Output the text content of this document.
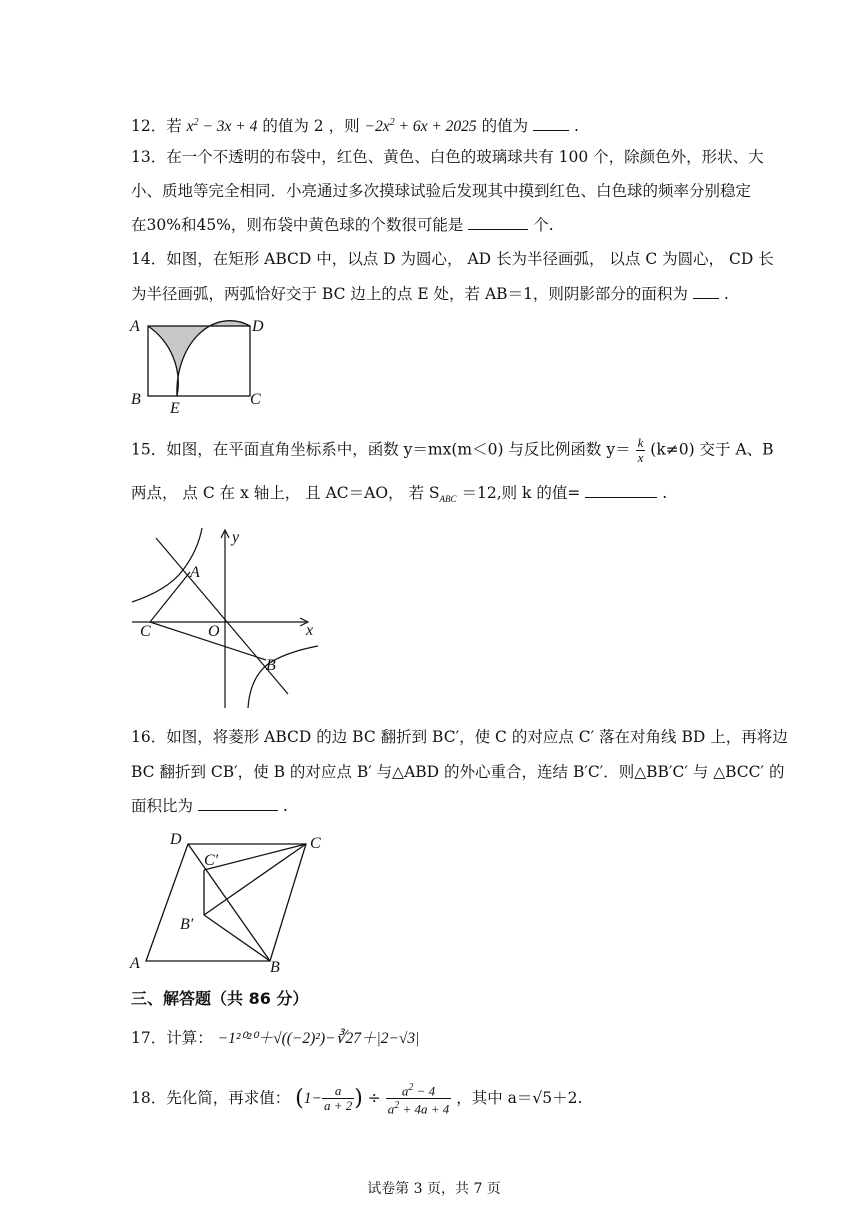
12．若 $x^2 - 3x + 4$ 的值为 2 ，则 $-2x^2 + 6x + 2025$ 的值为	.
13．在一个不透明的布袋中，红色、黄色、白色的玻璃球共有 100 个，除颜色外，形状、大
小、质地等完全相同．小亮通过多次摸球试验后发现其中摸到红色、白色球的频率分别稳定
在30%和45%，则布袋中黄色球的个数很可能是	个.
14．如图，在矩形 ABCD 中，以点 D 为圆心， AD 长为半径画弧， 以点 C 为圆心， CD 长
为半径画弧，两弧恰好交于 BC 边上的点 E 处，若 AB＝1，则阴影部分的面积为 .
A	D
B	C
E
15．如图，在平面直角坐标系中，函数 y＝mx(m＜0) 与反比例函数 $y= \frac{k}{x} (k\ne 0)$ 交于 A、B
两点， 点 C 在 x 轴上， 且 AC＝AO， 若 $S_{ABC} =12$,则 k 的值=	.
y
x
A
B
C	O
16．如图，将菱形 ABCD 的边 BC 翻折到 BC′，使 C 的对应点 C′ 落在对角线 BD 上，再将边
BC 翻折到 CB′，使 B 的对应点 B′ 与△ABD 的外心重合，连结 B′C′．则△BB′C′ 与 △BCC′ 的
面积比为	.
D	C
C′
B′
A	B
三、解答题（共 86 分）
17．计算： −1²⁰²⁰＋√((−2)²)−∛27＋|2−√3|
18．先化简，再求值： ($1- \frac{a}{a + 2}$ ) ÷ $\frac{a^2 - 4}{a^2 + 4a + 4}$ ，其中 a＝√5＋2.
试卷第 3 页，共 7 页
